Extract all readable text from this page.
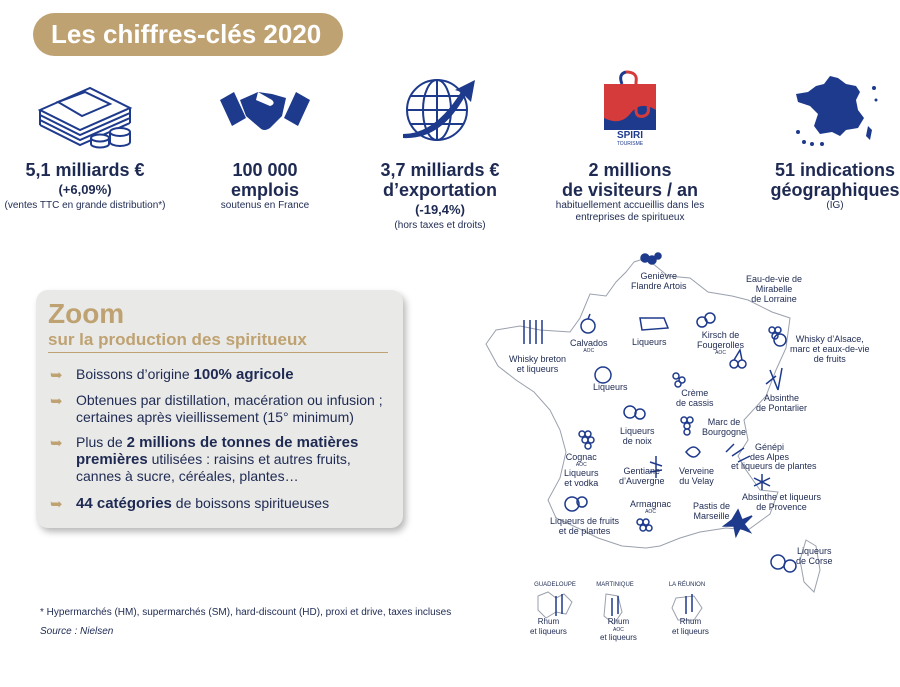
Les chiffres-clés 2020
5,1 milliards €
(+6,09%)
(ventes TTC en grande distribution*)
100 000
emplois
soutenus en France
3,7 milliards €
d’exportation
(-19,4%)
(hors taxes et droits)
SPIRI
TOURISME
2 millions
de visiteurs / an
habituellement accueillis dans les
entreprises de spiritueux
51 indications
géographiques
(IG)
Zoom
sur la production des spiritueux
➥ Boissons d’origine 100% agricole
➥ Obtenues par distillation, macération ou infusion ; certaines après vieillissement (15° minimum)
➥ Plus de 2 millions de tonnes de matières premières utilisées : raisins et autres fruits, cannes à sucre, céréales, plantes…
➥ 44 catégories de boissons spiritueuses
* Hypermarchés (HM), supermarchés (SM), hard-discount (HD), proxi et drive, taxes incluses
Source : Nielsen
Genièvre
Flandre Artois
Eau-de-vie de
Mirabelle
de Lorraine
Calvados
AOC
Liqueurs
Kirsch de
Fougerolles
AOC
Whisky d’Alsace,
marc et eaux-de-vie
de fruits
Whisky breton
et liqueurs
Liqueurs
Crème
de cassis	Absinthe
de Pontarlier
Liqueurs
de noix
Marc de
Bourgogne
Génépi
des Alpes
et liqueurs de plantes
Cognac
AOC
Liqueurs
et vodka
Gentiane
d’Auvergne
Verveine
du Velay
Absinthe et liqueurs
de Provence
Armagnac
AOC
Pastis de
Marseille
Liqueurs de fruits
et de plantes
Liqueurs
de Corse
GUADELOUPE	MARTINIQUE	LA RÉUNION
Rhum
et liqueurs
Rhum
AOC
et liqueurs
Rhum
et liqueurs
